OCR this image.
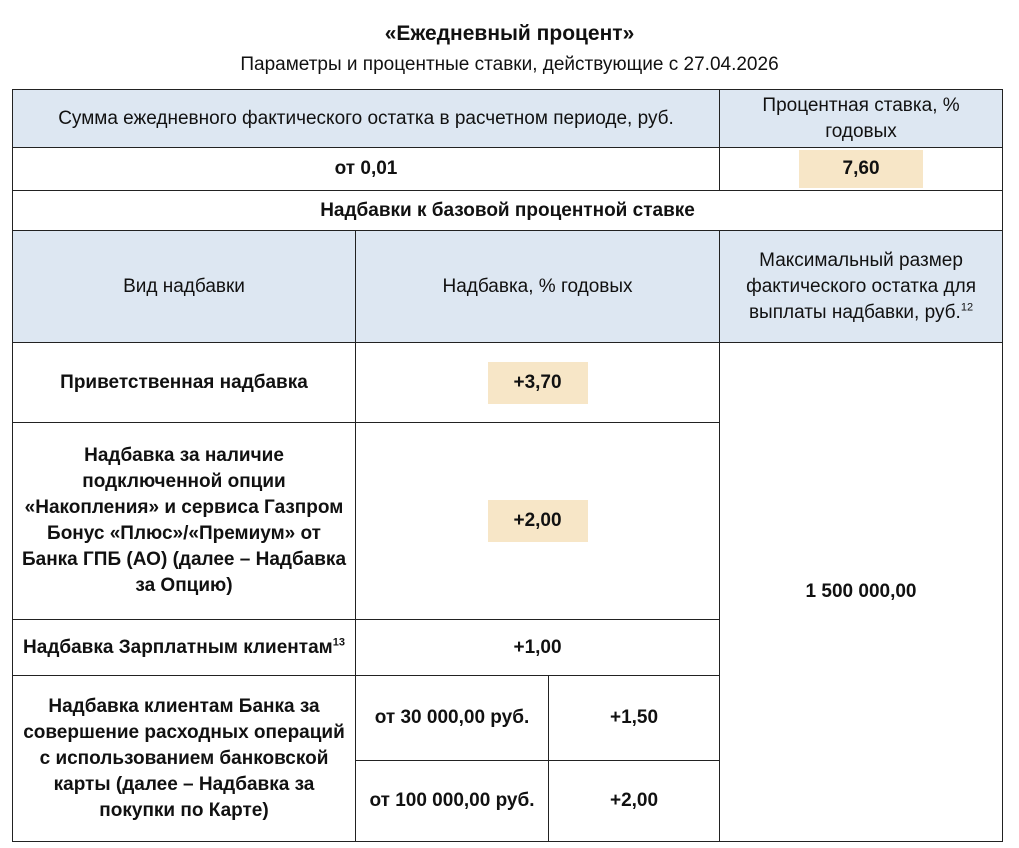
«Ежедневный процент»
Параметры и процентные ставки, действующие с 27.04.2026
Сумма ежедневного фактического остатка в расчетном периоде, руб.			Процентная ставка, % годовых
от 0,01			7,60
Надбавки к базовой процентной ставке			
Вид надбавки	Надбавка, % годовых		Максимальный размер фактического остатка для выплаты надбавки, руб.$^{12}$
Приветственная надбавка	+3,70		1 500 000,00
Надбавка за наличие подключенной опции «Накопления» и сервиса Газпром Бонус «Плюс»/«Премиум» от Банка ГПБ (АО) (далее – Надбавка за Опцию)	+2,00		
Надбавка Зарплатным клиентам$^{13}$	+1,00		
Надбавка клиентам Банка за совершение расходных операций с использованием банковской карты (далее – Надбавка за покупки по Карте)	от 30 000,00 руб.	+1,50	
	от 100 000,00 руб.	+2,00	
